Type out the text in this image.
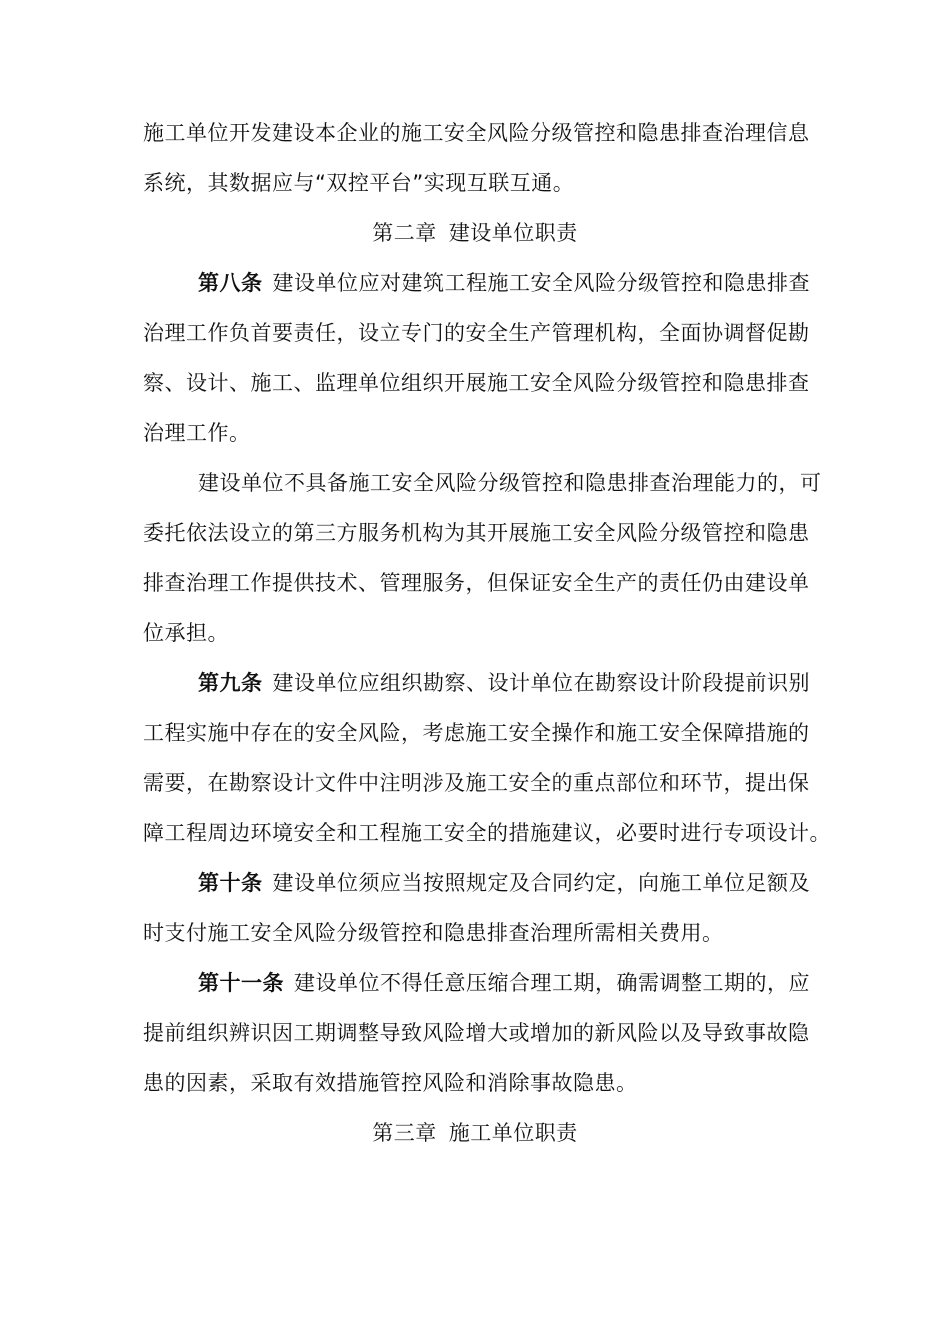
施工单位开发建设本企业的施工安全风险分级管控和隐患排查治理信息
系统，其数据应与“双控平台”实现互联互通。
第二章 建设单位职责
第八条 建设单位应对建筑工程施工安全风险分级管控和隐患排查
治理工作负首要责任，设立专门的安全生产管理机构，全面协调督促勘
察、设计、施工、监理单位组织开展施工安全风险分级管控和隐患排查
治理工作。
建设单位不具备施工安全风险分级管控和隐患排查治理能力的，可
委托依法设立的第三方服务机构为其开展施工安全风险分级管控和隐患
排查治理工作提供技术、管理服务，但保证安全生产的责任仍由建设单
位承担。
第九条 建设单位应组织勘察、设计单位在勘察设计阶段提前识别
工程实施中存在的安全风险，考虑施工安全操作和施工安全保障措施的
需要，在勘察设计文件中注明涉及施工安全的重点部位和环节，提出保
障工程周边环境安全和工程施工安全的措施建议，必要时进行专项设计。
第十条 建设单位须应当按照规定及合同约定，向施工单位足额及
时支付施工安全风险分级管控和隐患排查治理所需相关费用。
第十一条 建设单位不得任意压缩合理工期，确需调整工期的，应
提前组织辨识因工期调整导致风险增大或增加的新风险以及导致事故隐
患的因素，采取有效措施管控风险和消除事故隐患。
第三章 施工单位职责
